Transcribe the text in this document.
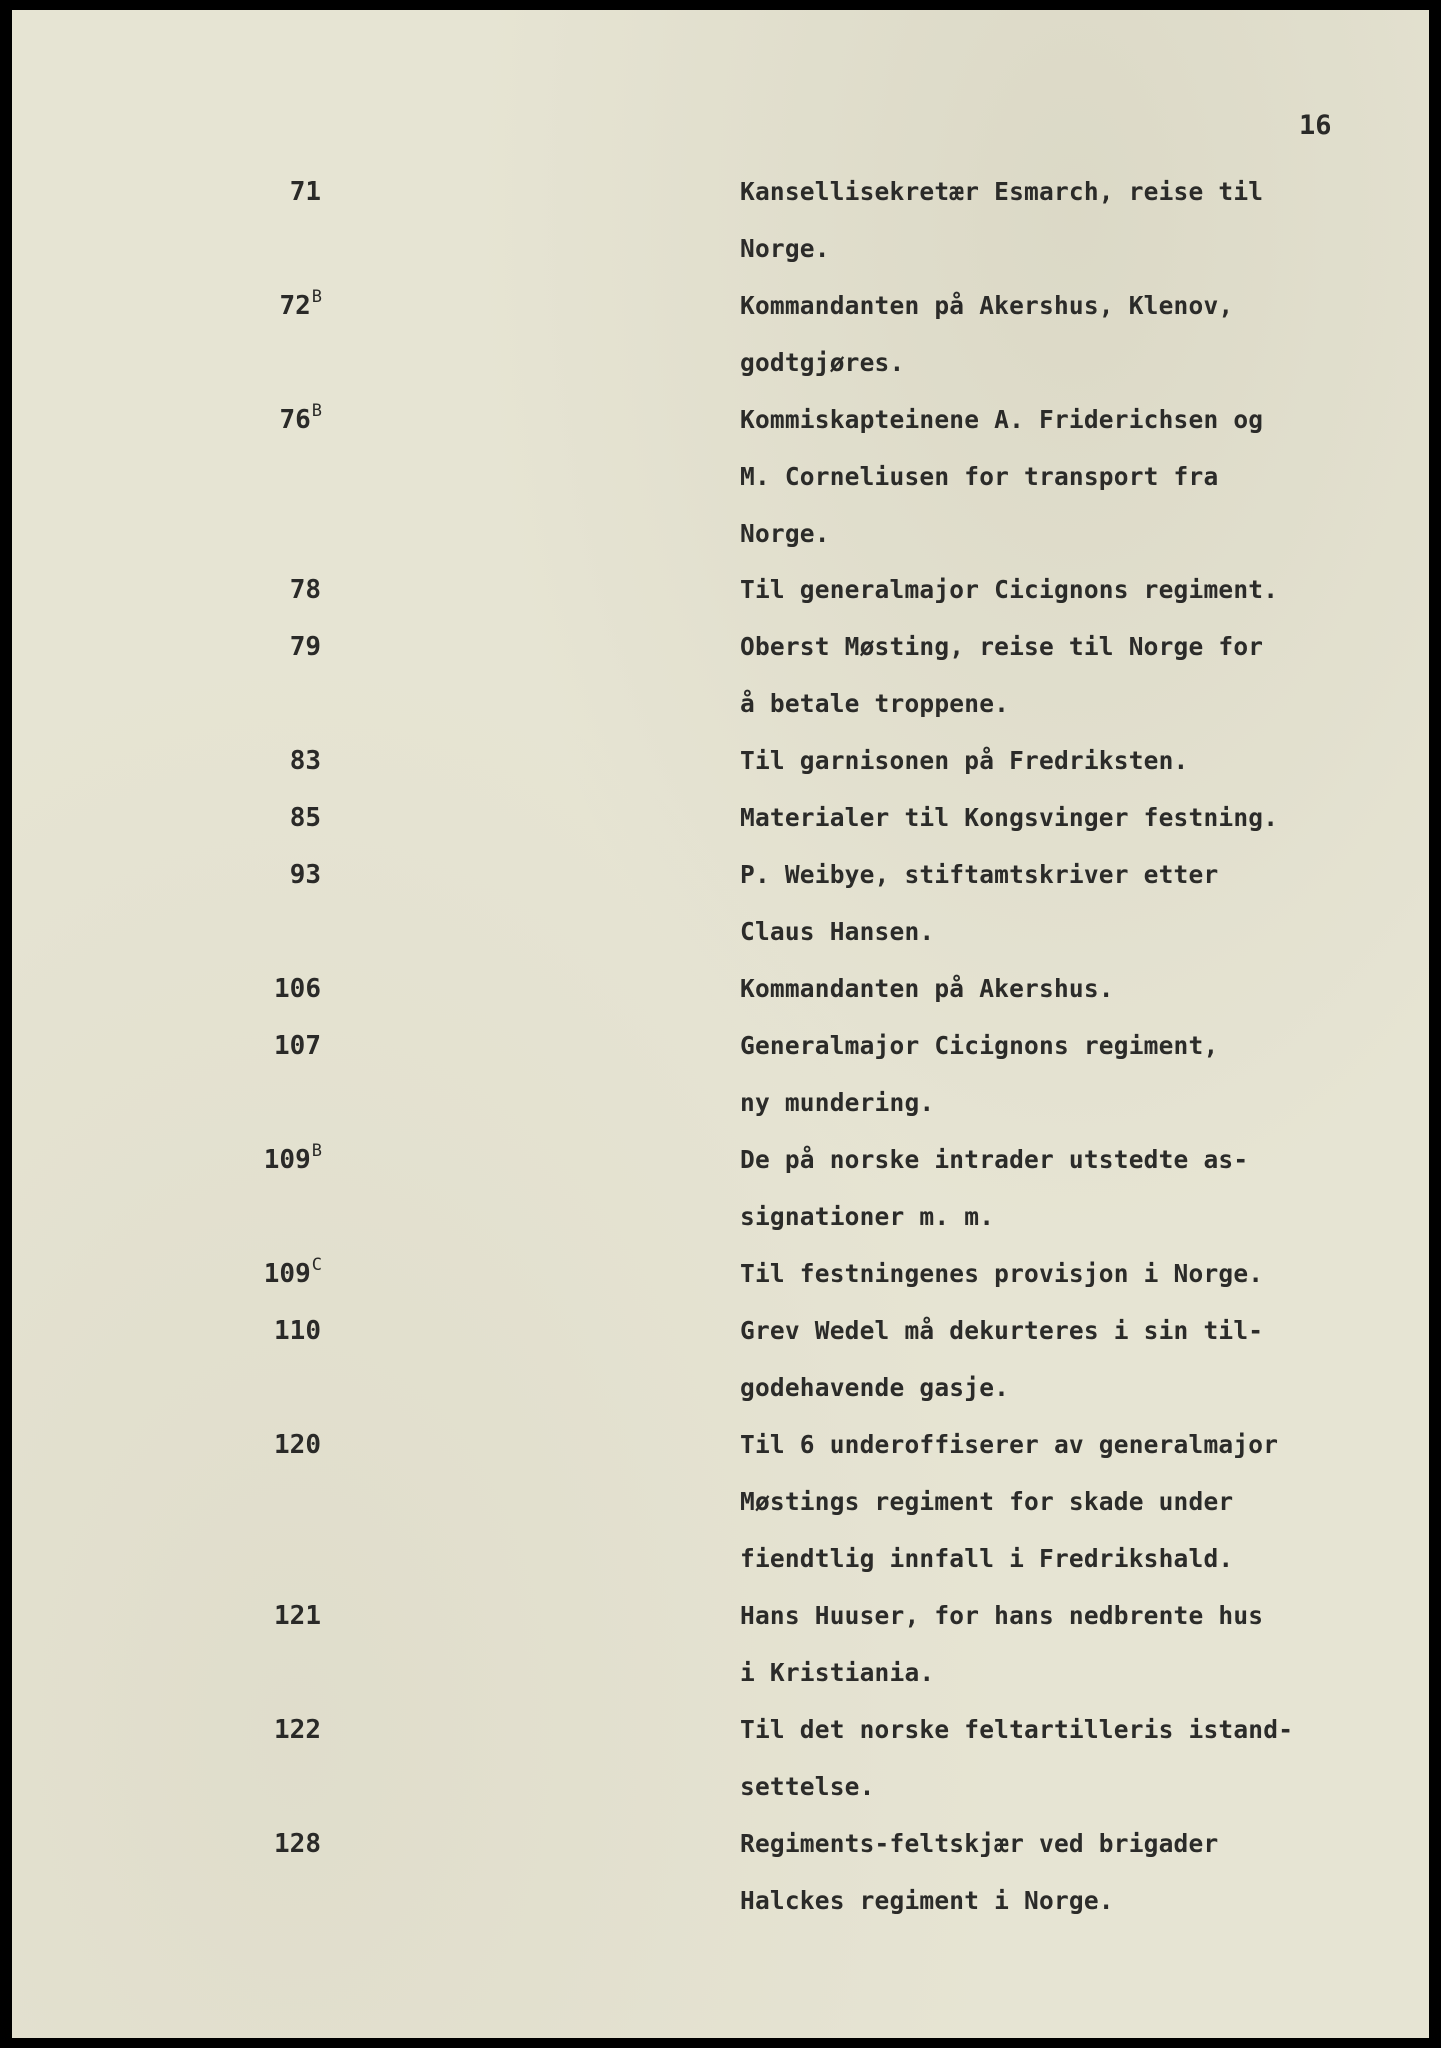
16
71	Kansellisekretær Esmarch, reise til
Norge.
$72^B$	Kommandanten på Akershus, Klenov,
godtgjøres.
$76^B$	Kommiskapteinene A. Friderichsen og
M. Corneliusen for transport fra
Norge.
78	Til generalmajor Cicignons regiment.
79	Oberst Møsting, reise til Norge for
å betale troppene.
83	Til garnisonen på Fredriksten.
85	Materialer til Kongsvinger festning.
93	P. Weibye, stiftamtskriver etter
Claus Hansen.
106	Kommandanten på Akershus.
107	Generalmajor Cicignons regiment,
ny mundering.
$109^B$	De på norske intrader utstedte as-
signationer m. m.
$109^C$	Til festningenes provisjon i Norge.
110	Grev Wedel må dekurteres i sin til-
godehavende gasje.
120	Til 6 underoffiserer av generalmajor
Møstings regiment for skade under
fiendtlig innfall i Fredrikshald.
121	Hans Huuser, for hans nedbrente hus
i Kristiania.
122	Til det norske feltartilleris istand-
settelse.
128	Regiments-feltskjær ved brigader
Halckes regiment i Norge.
